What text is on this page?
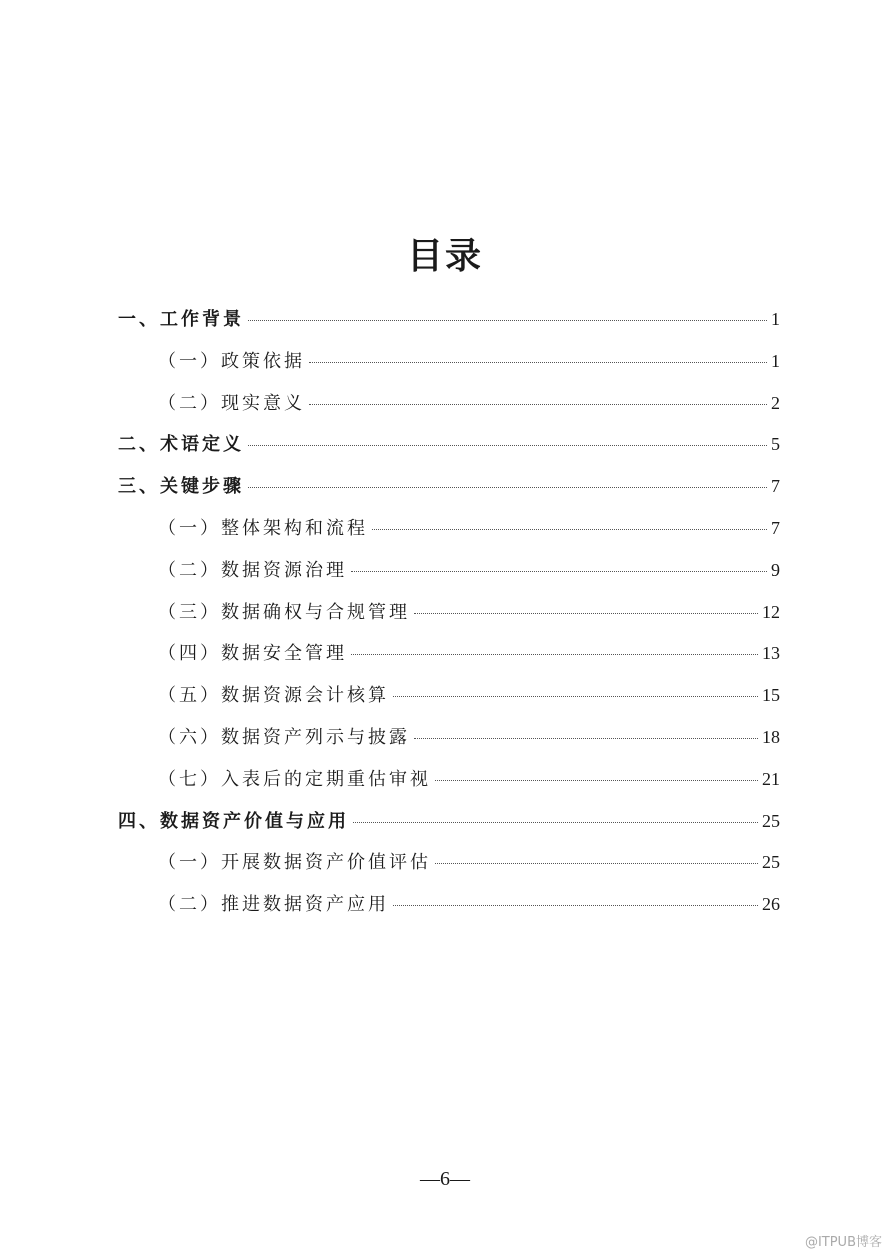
目录
一、工作背景	1
（一）政策依据	1
（二）现实意义	2
二、术语定义	5
三、关键步骤	7
（一）整体架构和流程	7
（二）数据资源治理	9
（三）数据确权与合规管理	12
（四）数据安全管理	13
（五）数据资源会计核算	15
（六）数据资产列示与披露	18
（七）入表后的定期重估审视	21
四、数据资产价值与应用	25
（一）开展数据资产价值评估	25
（二）推进数据资产应用	26
—6—
@ITPUB博客
